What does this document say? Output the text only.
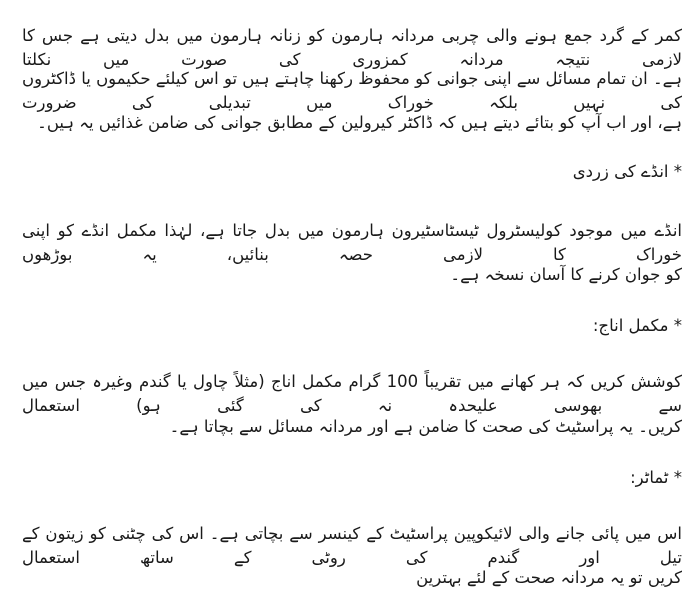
کمر کے گرد جمع ہونے والی چربی مردانہ ہارمون کو زنانہ ہارمون میں بدل دیتی ہے جس کا لازمی نتیجہ مردانہ کمزوری کی صورت میں نکلتا
ہے۔ ان تمام مسائل سے اپنی جوانی کو محفوظ رکھنا چاہتے ہیں تو اس کیلئے حکیموں یا ڈاکٹروں کی نہیں بلکہ خوراک میں تبدیلی کی ضرورت
ہے، اور اب آپ کو بتائے دیتے ہیں کہ ڈاکٹر کیرولین کے مطابق جوانی کی ضامن غذائیں یہ ہیں۔
* انڈے کی زردی
انڈے میں موجود کولیسٹرول ٹیسٹاسٹیرون ہارمون میں بدل جاتا ہے، لہٰذا مکمل انڈے کو اپنی خوراک کا لازمی حصہ بنائیں، یہ بوڑھوں
کو جوان کرنے کا آسان نسخہ ہے۔
* مکمل اناج:
کوشش کریں کہ ہر کھانے میں تقریباً 100 گرام مکمل اناج (مثلاً چاول یا گندم وغیرہ جس میں سے بھوسی علیحدہ نہ کی گئی ہو) استعمال
کریں۔ یہ پراسٹیٹ کی صحت کا ضامن ہے اور مردانہ مسائل سے بچاتا ہے۔
* ٹماٹر:
اس میں پائی جانے والی لائیکوپین پراسٹیٹ کے کینسر سے بچاتی ہے۔ اس کی چٹنی کو زیتون کے تیل اور گندم کی روٹی کے ساتھ استعمال
کریں تو یہ مردانہ صحت کے لئے بہترین
